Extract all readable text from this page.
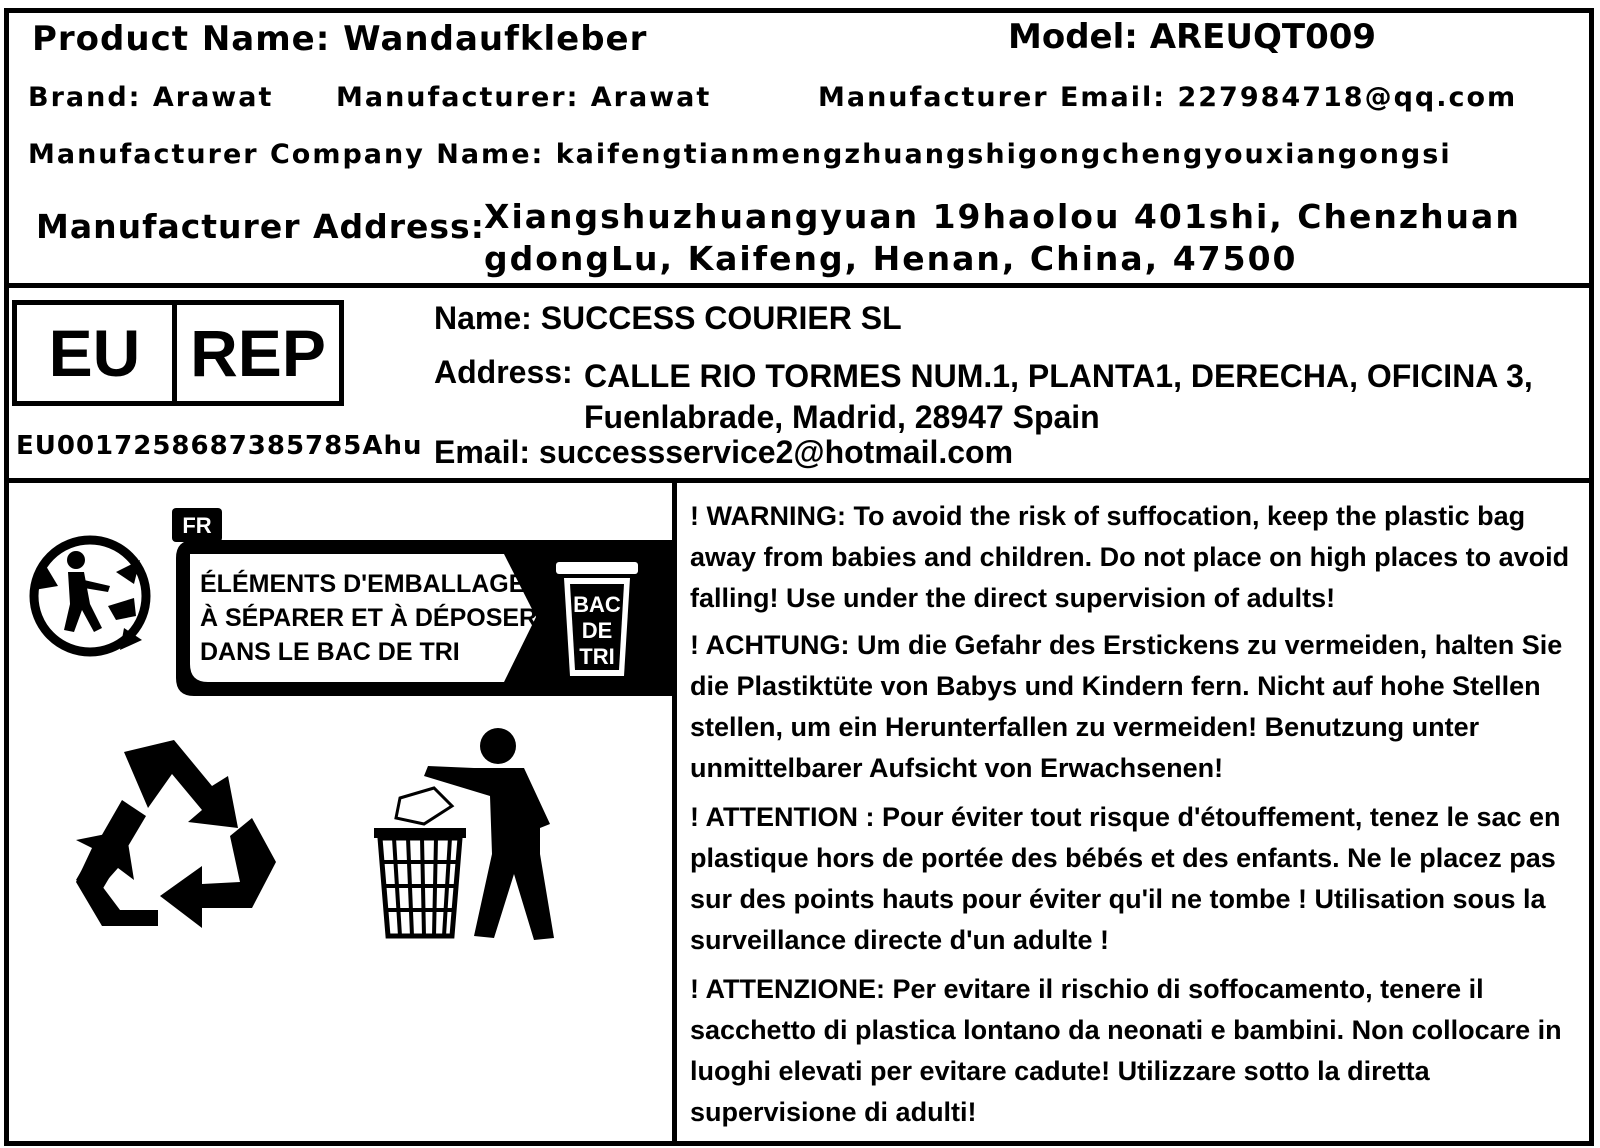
Product Name: Wandaufkleber	Model: AREUQT009
Brand: Arawat Manufacturer: Arawat	Manufacturer Email: 227984718@qq.com
Manufacturer Company Name: kaifengtianmengzhuangshigongchengyouxiangongsi
Manufacturer Address: Xiangshuzhuangyuan 19haolou 401shi, ChenzhuangdongLu, Kaifeng, Henan, China, 47500
EU REP
EU0017258687385785Ahu
Name: SUCCESS COURIER SL
Address: CALLE RIO TORMES NUM.1, PLANTA1, DERECHA, OFICINA 3, Fuenlabrade, Madrid, 28947 Spain
Email: successservice2@hotmail.com
FR
ÉLÉMENTS D'EMBALLAGE
À SÉPARER ET À DÉPOSER
DANS LE BAC DE TRI
BAC
DE
TRI

! WARNING: To avoid the risk of suffocation, keep the plastic bag away from babies and children. Do not place on high places to avoid falling! Use under the direct supervision of adults!

! ACHTUNG: Um die Gefahr des Erstickens zu vermeiden, halten Sie die Plastiktüte von Babys und Kindern fern. Nicht auf hohe Stellen stellen, um ein Herunterfallen zu vermeiden! Benutzung unter unmittelbarer Aufsicht von Erwachsenen!

! ATTENTION : Pour éviter tout risque d'étouffement, tenez le sac en plastique hors de portée des bébés et des enfants. Ne le placez pas sur des points hauts pour éviter qu'il ne tombe ! Utilisation sous la surveillance directe d'un adulte !

! ATTENZIONE: Per evitare il rischio di soffocamento, tenere il sacchetto di plastica lontano da neonati e bambini. Non collocare in luoghi elevati per evitare cadute! Utilizzare sotto la diretta supervisione di adulti!
